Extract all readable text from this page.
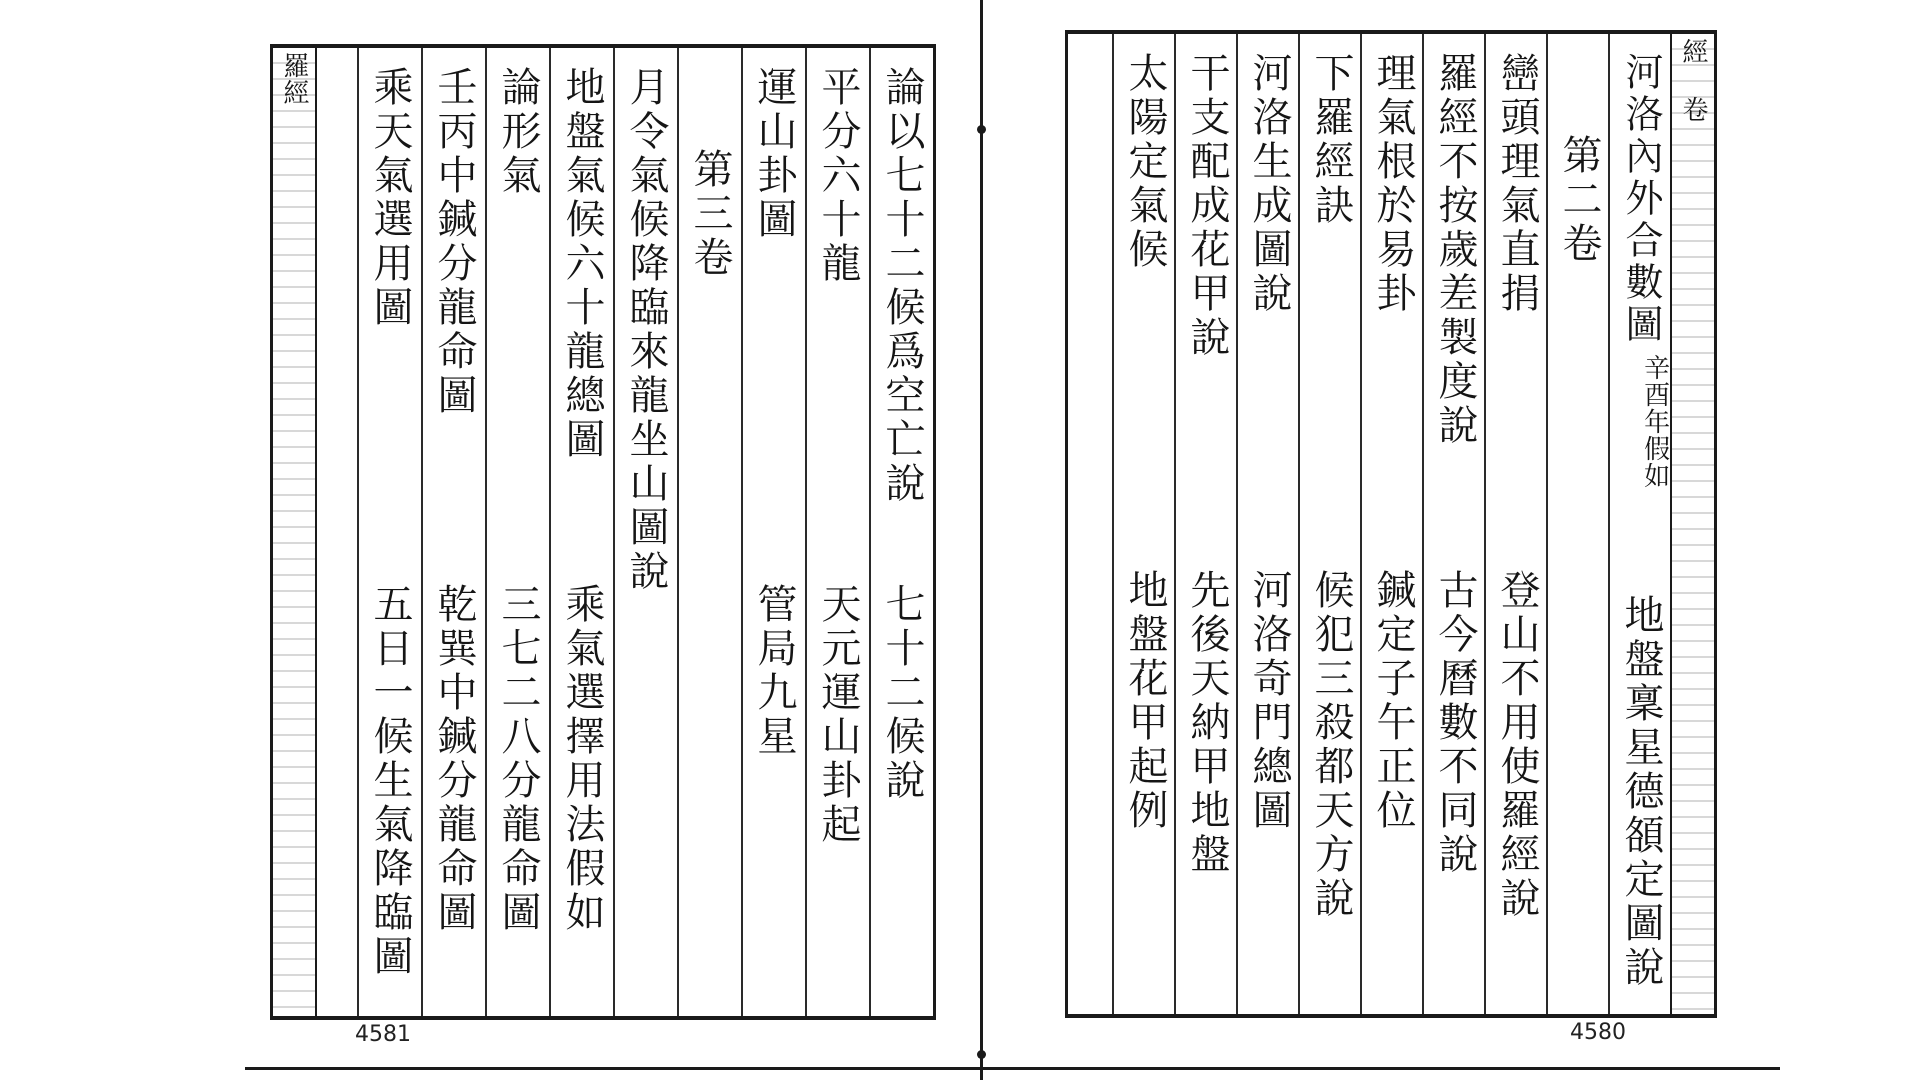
羅經	論以七十二候爲空亡說
七十二候說
平分六十龍
天元運山卦起
運山卦圖
管局九星
第三卷
月令氣候降臨來龍坐山圖說
地盤氣候六十龍總圖
乘氣選擇用法假如
論形氣
三七二八分龍命圖
壬丙中鍼分龍命圖
乾巽中鍼分龍命圖
乘天氣選用圖
五日一候生氣降臨圖
4581
經 卷
河洛內外合數圖
辛酉年假如
地盤稟星德頟定圖說
第二卷
巒頭理氣直捐
登山不用使羅經說
羅經不按歲差製度說
古今曆數不同說
理氣根於易卦
鍼定子午正位
下羅經訣
候犯三殺都天方說
河洛生成圖說
河洛奇門總圖
干支配成花甲說
先後天納甲地盤
太陽定氣候
地盤花甲起例
4580
